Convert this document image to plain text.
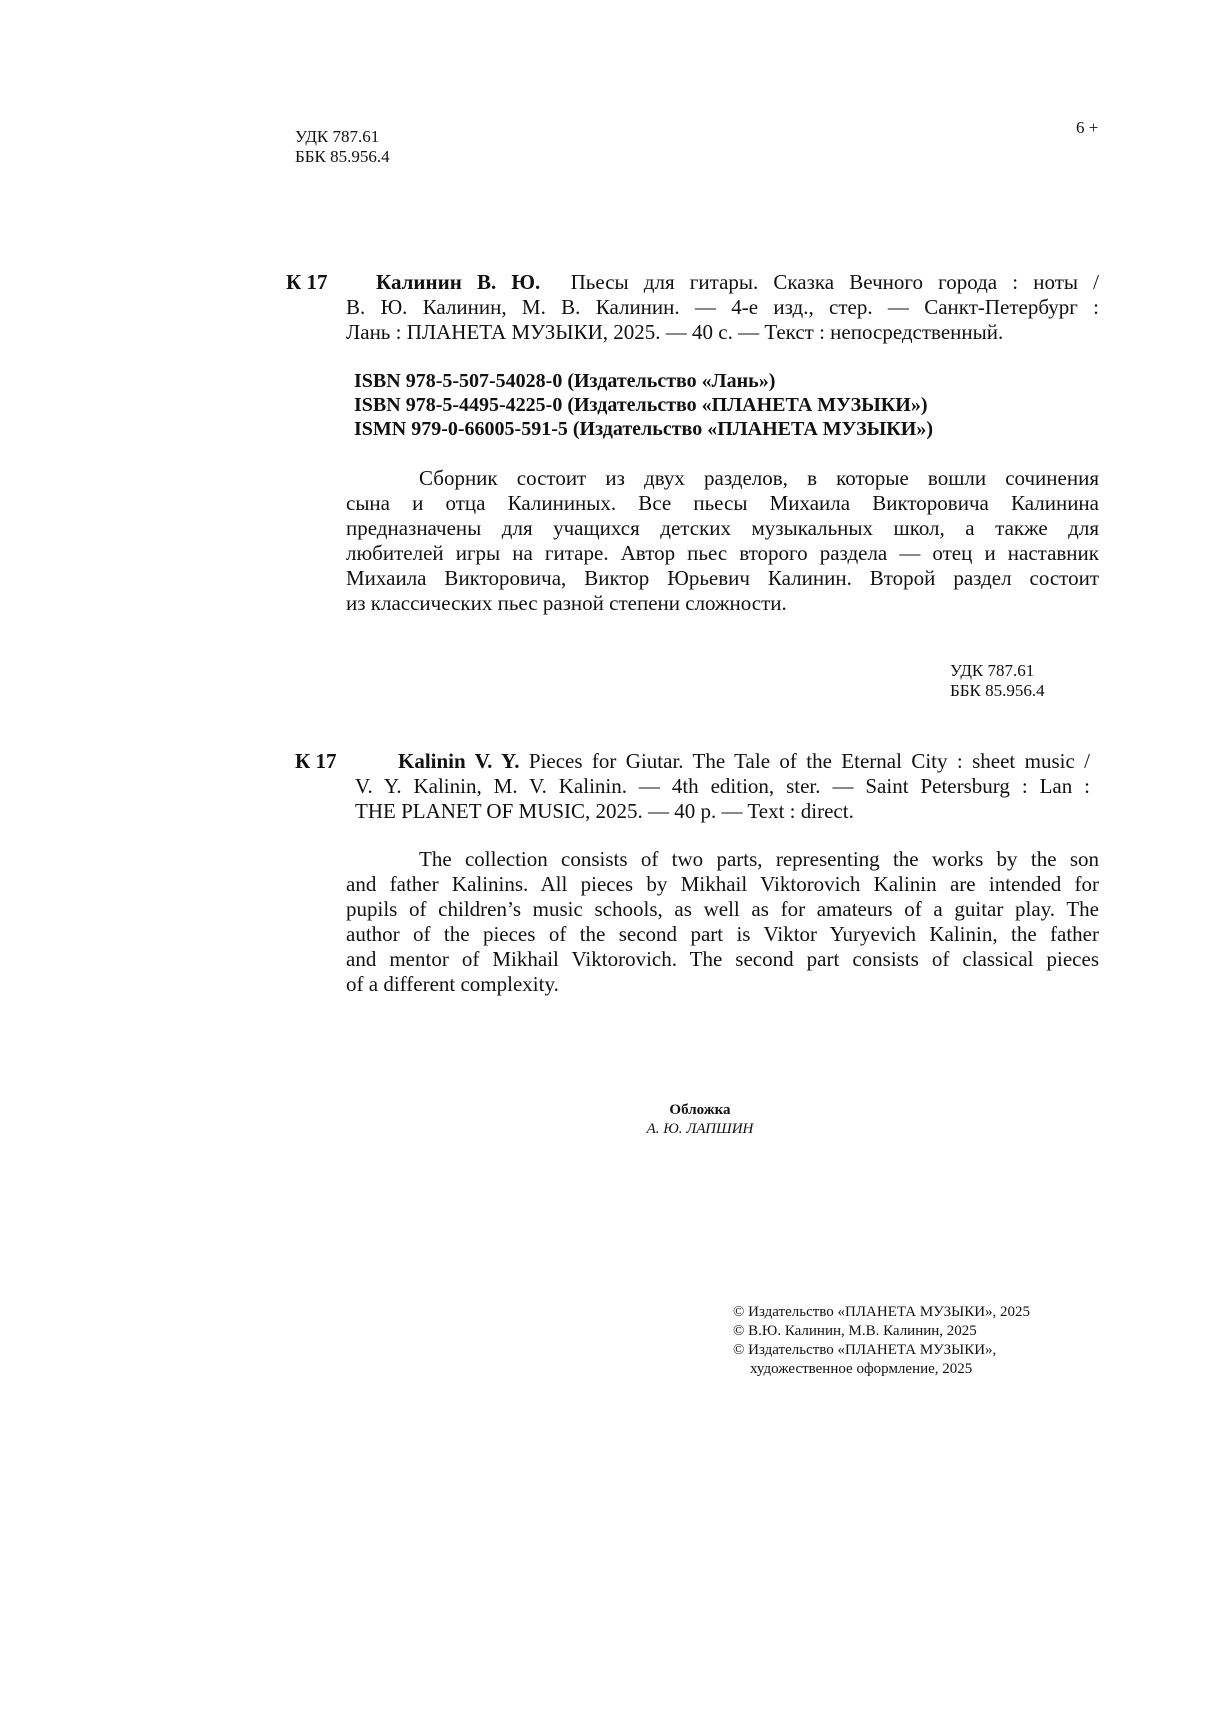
УДК 787.61
ББК 85.956.4
6 +
К 17	Калинин В. Ю. Пьесы для гитары. Сказка Вечного города : ноты /
В. Ю. Калинин, М. В. Калинин. — 4-е изд., стер. — Санкт-Петербург :
Лань : ПЛАНЕТА МУЗЫКИ, 2025. — 40 с. — Текст : непосредственный.
ISBN 978-5-507-54028-0 (Издательство «Лань»)
ISBN 978-5-4495-4225-0 (Издательство «ПЛАНЕТА МУЗЫКИ»)
ISMN 979-0-66005-591-5 (Издательство «ПЛАНЕТА МУЗЫКИ»)
Сборник состоит из двух разделов, в которые вошли сочинения
сына и отца Калининых. Все пьесы Михаила Викторовича Калинина
предназначены для учащихся детских музыкальных школ, а также для
любителей игры на гитаре. Автор пьес второго раздела — отец и наставник
Михаила Викторовича, Виктор Юрьевич Калинин. Второй раздел состоит
из классических пьес разной степени сложности.
УДК 787.61
ББК 85.956.4
К 17	Kalinin V. Y. Pieces for Giutar. The Tale of the Eternal City : sheet music /
V. Y. Kalinin, M. V. Kalinin. — 4th edition, ster. — Saint Petersburg : Lan :
THE PLANET OF MUSIC, 2025. — 40 p. — Text : direct.
The collection consists of two parts, representing the works by the son
and father Kalinins. All pieces by Mikhail Viktorovich Kalinin are intended for
pupils of children’s music schools, as well as for amateurs of a guitar play. The
author of the pieces of the second part is Viktor Yuryevich Kalinin, the father
and mentor of Mikhail Viktorovich. The second part consists of classical pieces
of a different complexity.
Обложка
А. Ю. ЛАПШИН
© Издательство «ПЛАНЕТА МУЗЫКИ», 2025
© В.Ю. Калинин, М.В. Калинин, 2025
© Издательство «ПЛАНЕТА МУЗЫКИ»,
художественное оформление, 2025
